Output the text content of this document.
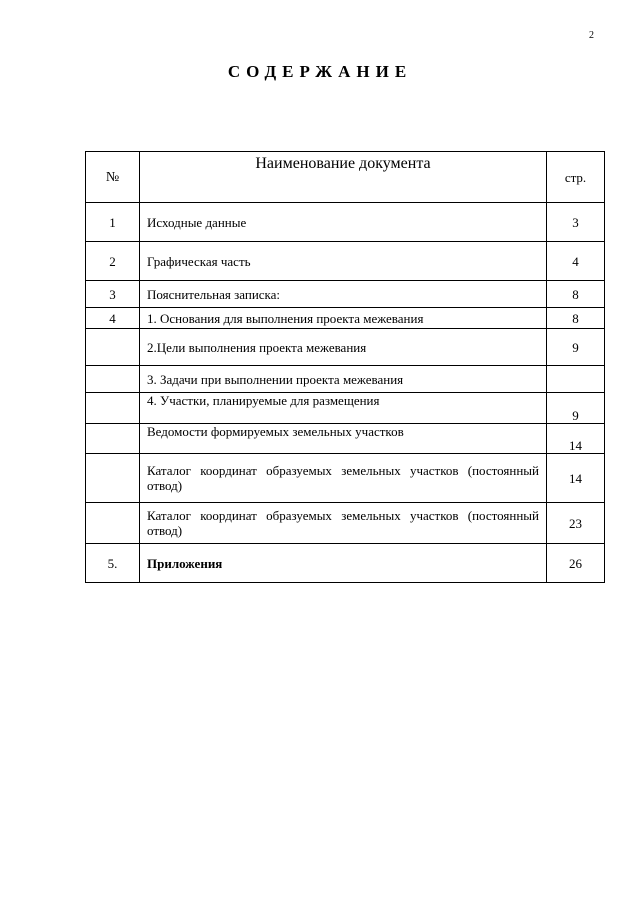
2
СОДЕРЖАНИЕ
№	Наименование документа	стр.
1	Исходные данные	3
2	Графическая часть	4
3	Пояснительная записка:	8
4	1. Основания для выполнения проекта межевания	8
	2.Цели выполнения проекта межевания	9
	3. Задачи при выполнении проекта межевания	
	4. Участки, планируемые для размещения	9
	Ведомости формируемых земельных участков	14
	Каталог координат образуемых земельных участков (постоянный отвод)	14
	Каталог координат образуемых земельных участков (постоянный отвод)	23
5.	Приложения	26
